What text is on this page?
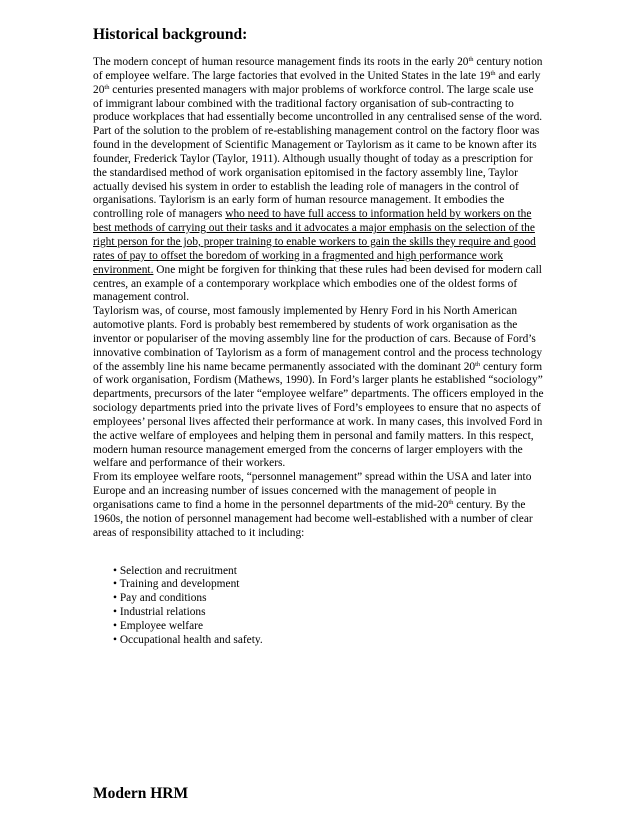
Historical background:

The modern concept of human resource management finds its roots in the early 20th century notion of employee welfare. The large factories that evolved in the United States in the late 19th and early 20th centuries presented managers with major problems of workforce control. The large scale use of immigrant labour combined with the traditional factory organisation of sub-contracting to produce workplaces that had essentially become uncontrolled in any centralised sense of the word. Part of the solution to the problem of re-establishing management control on the factory floor was found in the development of Scientific Management or Taylorism as it came to be known after its founder, Frederick Taylor (Taylor, 1911). Although usually thought of today as a prescription for the standardised method of work organisation epitomised in the factory assembly line, Taylor actually devised his system in order to establish the leading role of managers in the control of organisations. Taylorism is an early form of human resource management. It embodies the controlling role of managers who need to have full access to information held by workers on the best methods of carrying out their tasks and it advocates a major emphasis on the selection of the right person for the job, proper training to enable workers to gain the skills they require and good rates of pay to offset the boredom of working in a fragmented and high performance work environment. One might be forgiven for thinking that these rules had been devised for modern call centres, an example of a contemporary workplace which embodies one of the oldest forms of management control.

Taylorism was, of course, most famously implemented by Henry Ford in his North American automotive plants. Ford is probably best remembered by students of work organisation as the inventor or populariser of the moving assembly line for the production of cars. Because of Ford’s innovative combination of Taylorism as a form of management control and the process technology of the assembly line his name became permanently associated with the dominant 20th century form of work organisation, Fordism (Mathews, 1990). In Ford’s larger plants he established “sociology” departments, precursors of the later “employee welfare” departments. The officers employed in the sociology departments pried into the private lives of Ford’s employees to ensure that no aspects of employees’ personal lives affected their performance at work. In many cases, this involved Ford in the active welfare of employees and helping them in personal and family matters. In this respect, modern human resource management emerged from the concerns of larger employers with the welfare and performance of their workers.

From its employee welfare roots, “personnel management” spread within the USA and later into Europe and an increasing number of issues concerned with the management of people in organisations came to find a home in the personnel departments of the mid-20th century. By the 1960s, the notion of personnel management had become well-established with a number of clear areas of responsibility attached to it including:

• Selection and recruitment
• Training and development
• Pay and conditions
• Industrial relations
• Employee welfare
• Occupational health and safety.
Modern HRM
